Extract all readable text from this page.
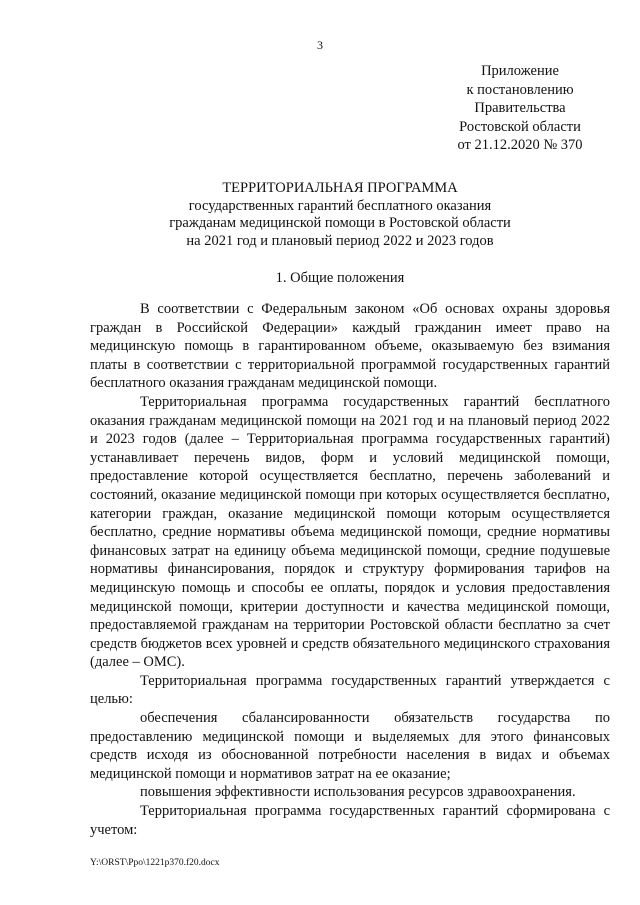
3
Приложение
к постановлению
Правительства
Ростовской области
от 21.12.2020 № 370
ТЕРРИТОРИАЛЬНАЯ ПРОГРАММА
государственных гарантий бесплатного оказания
гражданам медицинской помощи в Ростовской области
на 2021 год и плановый период 2022 и 2023 годов
1. Общие положения

В соответствии с Федеральным законом «Об основах охраны здоровья граждан в Российской Федерации» каждый гражданин имеет право на медицинскую помощь в гарантированном объеме, оказываемую без взимания платы в соответствии с территориальной программой государственных гарантий бесплатного оказания гражданам медицинской помощи.

Территориальная программа государственных гарантий бесплатного оказания гражданам медицинской помощи на 2021 год и на плановый период 2022 и 2023 годов (далее – Территориальная программа государственных гарантий) устанавливает перечень видов, форм и условий медицинской помощи, предоставление которой осуществляется бесплатно, перечень заболеваний и состояний, оказание медицинской помощи при которых осуществляется бесплатно, категории граждан, оказание медицинской помощи которым осуществляется бесплатно, средние нормативы объема медицинской помощи, средние нормативы финансовых затрат на единицу объема медицинской помощи, средние подушевые нормативы финансирования, порядок и структуру формирования тарифов на медицинскую помощь и способы ее оплаты, порядок и условия предоставления медицинской помощи, критерии доступности и качества медицинской помощи, предоставляемой гражданам на территории Ростовской области бесплатно за счет средств бюджетов всех уровней и средств обязательного медицинского страхования (далее – ОМС).

Территориальная программа государственных гарантий утверждается с целью:

обеспечения сбалансированности обязательств государства по предоставлению медицинской помощи и выделяемых для этого финансовых средств исходя из обоснованной потребности населения в видах и объемах медицинской помощи и нормативов затрат на ее оказание;

повышения эффективности использования ресурсов здравоохранения.

Территориальная программа государственных гарантий сформирована с учетом:

Y:\ORST\Ppo\1221p370.f20.docx
